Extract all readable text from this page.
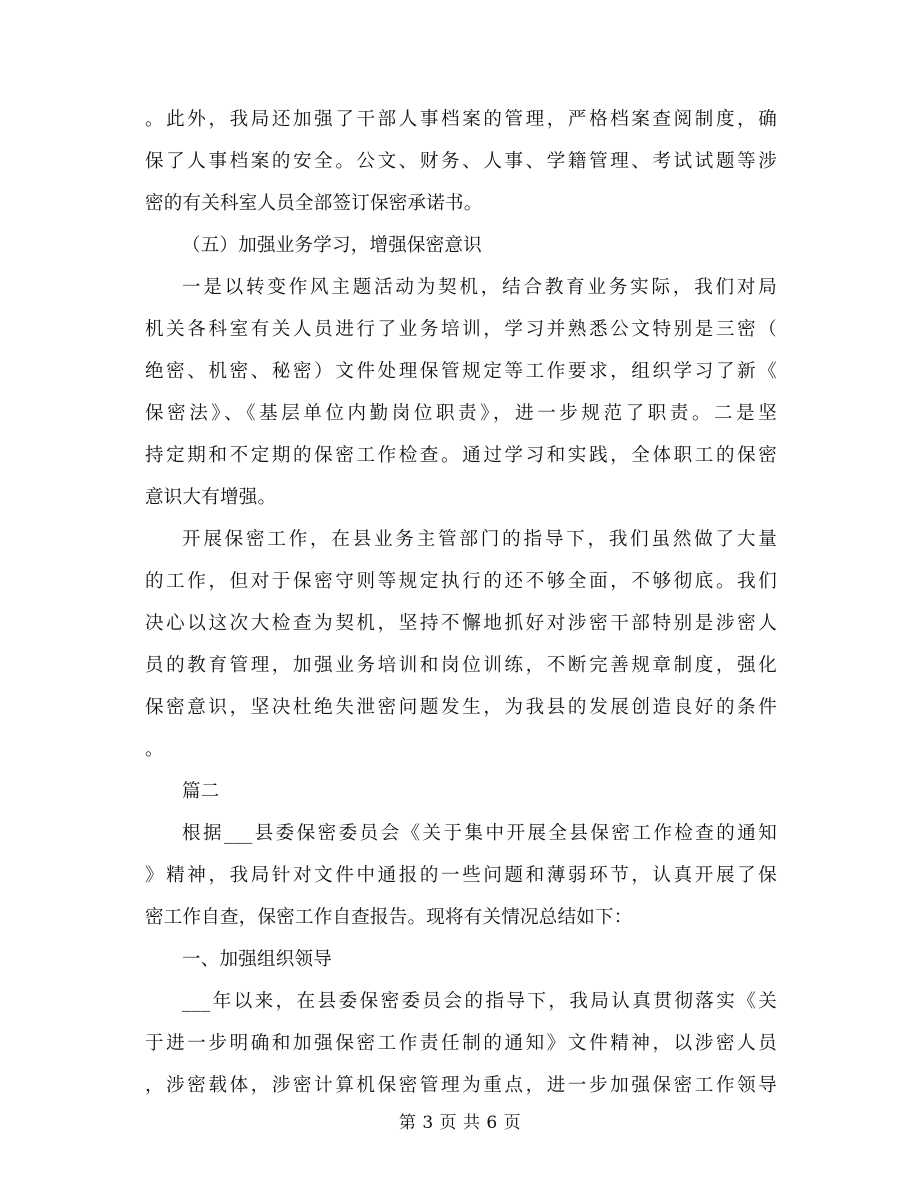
。此外，我局还加强了干部人事档案的管理，严格档案查阅制度，确
保了人事档案的安全。公文、财务、人事、学籍管理、考试试题等涉
密的有关科室人员全部签订保密承诺书。
（五）加强业务学习，增强保密意识
一是以转变作风主题活动为契机，结合教育业务实际，我们对局
机关各科室有关人员进行了业务培训，学习并熟悉公文特别是三密（
绝密、机密、秘密）文件处理保管规定等工作要求，组织学习了新《
保密法》、《基层单位内勤岗位职责》，进一步规范了职责。二是坚
持定期和不定期的保密工作检查。通过学习和实践，全体职工的保密
意识大有增强。
开展保密工作，在县业务主管部门的指导下，我们虽然做了大量
的工作，但对于保密守则等规定执行的还不够全面，不够彻底。我们
决心以这次大检查为契机，坚持不懈地抓好对涉密干部特别是涉密人
员的教育管理，加强业务培训和岗位训练，不断完善规章制度，强化
保密意识，坚决杜绝失泄密问题发生，为我县的发展创造良好的条件
。
篇二
根据___县委保密委员会《关于集中开展全县保密工作检查的通知
》精神，我局针对文件中通报的一些问题和薄弱环节，认真开展了保
密工作自查，保密工作自查报告。现将有关情况总结如下：
一、加强组织领导
___年以来，在县委保密委员会的指导下，我局认真贯彻落实《关
于进一步明确和加强保密工作责任制的通知》文件精神，以涉密人员
，涉密载体，涉密计算机保密管理为重点，进一步加强保密工作领导
第 3 页 共 6 页
